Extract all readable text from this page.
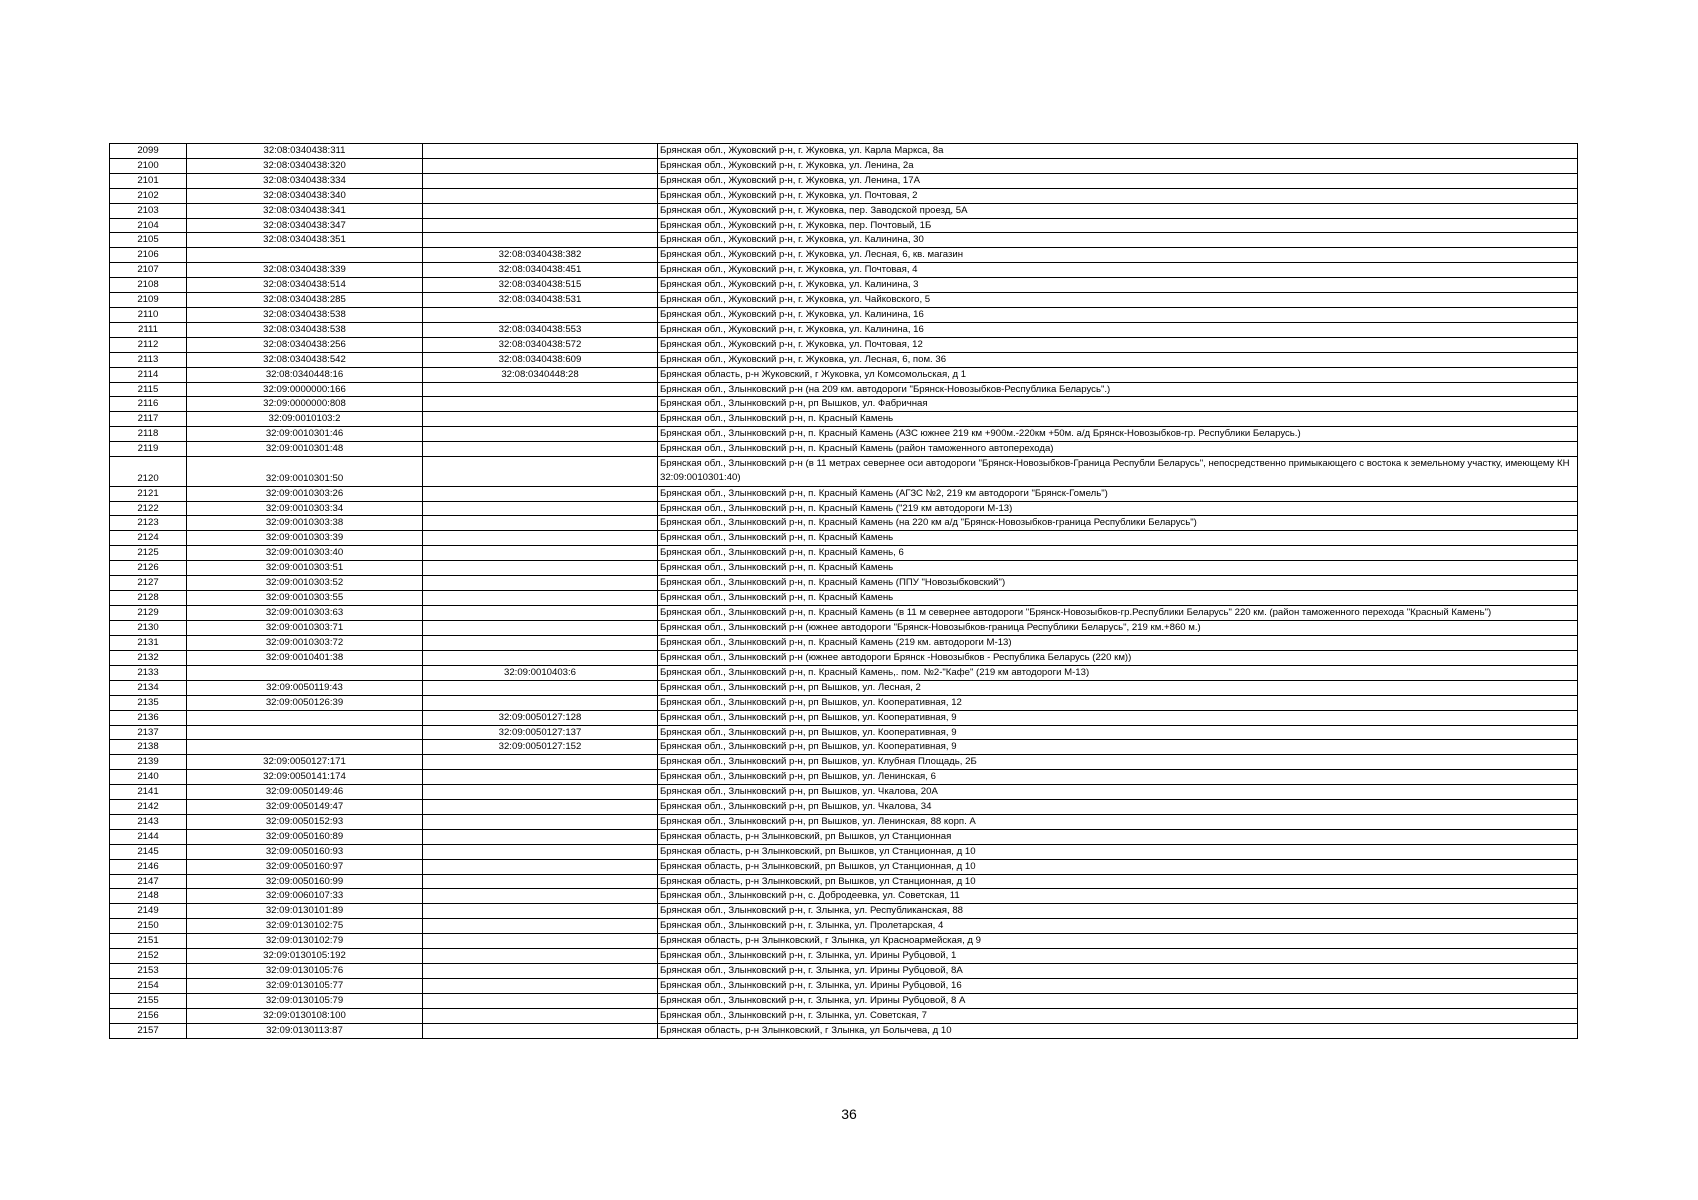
2099	32:08:0340438:311		Брянская обл., Жуковский р-н, г. Жуковка, ул. Карла Маркса, 8а
2100	32:08:0340438:320		Брянская обл., Жуковский р-н, г. Жуковка, ул. Ленина, 2а
2101	32:08:0340438:334		Брянская обл., Жуковский р-н, г. Жуковка, ул. Ленина, 17А
2102	32:08:0340438:340		Брянская обл., Жуковский р-н, г. Жуковка, ул. Почтовая, 2
2103	32:08:0340438:341		Брянская обл., Жуковский р-н, г. Жуковка, пер. Заводской проезд, 5А
2104	32:08:0340438:347		Брянская обл., Жуковский р-н, г. Жуковка, пер. Почтовый, 1Б
2105	32:08:0340438:351		Брянская обл., Жуковский р-н, г. Жуковка, ул. Калинина, 30
2106		32:08:0340438:382	Брянская обл., Жуковский р-н, г. Жуковка, ул. Лесная, 6, кв. магазин
2107	32:08:0340438:339	32:08:0340438:451	Брянская обл., Жуковский р-н, г. Жуковка, ул. Почтовая, 4
2108	32:08:0340438:514	32:08:0340438:515	Брянская обл., Жуковский р-н, г. Жуковка, ул. Калинина, 3
2109	32:08:0340438:285	32:08:0340438:531	Брянская обл., Жуковский р-н, г. Жуковка, ул. Чайковского, 5
2110	32:08:0340438:538		Брянская обл., Жуковский р-н, г. Жуковка, ул. Калинина, 16
2111	32:08:0340438:538	32:08:0340438:553	Брянская обл., Жуковский р-н, г. Жуковка, ул. Калинина, 16
2112	32:08:0340438:256	32:08:0340438:572	Брянская обл., Жуковский р-н, г. Жуковка, ул. Почтовая, 12
2113	32:08:0340438:542	32:08:0340438:609	Брянская обл., Жуковский р-н, г. Жуковка, ул. Лесная, 6, пом. 36
2114	32:08:0340448:16	32:08:0340448:28	Брянская область, р-н Жуковский, г Жуковка, ул Комсомольская, д 1
2115	32:09:0000000:166		Брянская обл., Злынковский р-н (на 209 км. автодороги "Брянск-Новозыбков-Республика Беларусь".)
2116	32:09:0000000:808		Брянская обл., Злынковский р-н, рп Вышков, ул. Фабричная
2117	32:09:0010103:2		Брянская обл., Злынковский р-н, п. Красный Камень
2118	32:09:0010301:46		Брянская обл., Злынковский р-н, п. Красный Камень (АЗС южнее 219 км +900м.-220км +50м. а/д Брянск-Новозыбков-гр. Республики Беларусь.)
2119	32:09:0010301:48		Брянская обл., Злынковский р-н, п. Красный Камень (район таможенного автоперехода)
2120	32:09:0010301:50		Брянская обл., Злынковский р-н (в 11 метрах севернее оси автодороги "Брянск-Новозыбков-Граница Республи Беларусь", непосредственно примыкающего с востока к земельному участку, имеющему КН 32:09:0010301:40)
2121	32:09:0010303:26		Брянская обл., Злынковский р-н, п. Красный Камень (АГЗС №2, 219 км автодороги "Брянск-Гомель")
2122	32:09:0010303:34		Брянская обл., Злынковский р-н, п. Красный Камень ("219 км автодороги М-13)
2123	32:09:0010303:38		Брянская обл., Злынковский р-н, п. Красный Камень (на 220 км а/д "Брянск-Новозыбков-граница Республики Беларусь")
2124	32:09:0010303:39		Брянская обл., Злынковский р-н, п. Красный Камень
2125	32:09:0010303:40		Брянская обл., Злынковский р-н, п. Красный Камень, 6
2126	32:09:0010303:51		Брянская обл., Злынковский р-н, п. Красный Камень
2127	32:09:0010303:52		Брянская обл., Злынковский р-н, п. Красный Камень (ППУ "Новозыбковский")
2128	32:09:0010303:55		Брянская обл., Злынковский р-н, п. Красный Камень
2129	32:09:0010303:63		Брянская обл., Злынковский р-н, п. Красный Камень (в 11 м севернее автодороги "Брянск-Новозыбков-гр.Республики Беларусь" 220 км. (район таможенного перехода "Красный Камень")
2130	32:09:0010303:71		Брянская обл., Злынковский р-н (южнее автодороги "Брянск-Новозыбков-граница Республики Беларусь", 219 км.+860 м.)
2131	32:09:0010303:72		Брянская обл., Злынковский р-н, п. Красный Камень (219 км. автодороги М-13)
2132	32:09:0010401:38		Брянская обл., Злынковский р-н (южнее автодороги Брянск -Новозыбков - Республика Беларусь (220 км))
2133		32:09:0010403:6	Брянская обл., Злынковский р-н, п. Красный Камень,. пом. №2-"Кафе" (219 км автодороги М-13)
2134	32:09:0050119:43		Брянская обл., Злынковский р-н, рп Вышков, ул. Лесная, 2
2135	32:09:0050126:39		Брянская обл., Злынковский р-н, рп Вышков, ул. Кооперативная, 12
2136		32:09:0050127:128	Брянская обл., Злынковский р-н, рп Вышков, ул. Кооперативная, 9
2137		32:09:0050127:137	Брянская обл., Злынковский р-н, рп Вышков, ул. Кооперативная, 9
2138		32:09:0050127:152	Брянская обл., Злынковский р-н, рп Вышков, ул. Кооперативная, 9
2139	32:09:0050127:171		Брянская обл., Злынковский р-н, рп Вышков, ул. Клубная Площадь, 2Б
2140	32:09:0050141:174		Брянская обл., Злынковский р-н, рп Вышков, ул. Ленинская, 6
2141	32:09:0050149:46		Брянская обл., Злынковский р-н, рп Вышков, ул. Чкалова, 20А
2142	32:09:0050149:47		Брянская обл., Злынковский р-н, рп Вышков, ул. Чкалова, 34
2143	32:09:0050152:93		Брянская обл., Злынковский р-н, рп Вышков, ул. Ленинская, 88 корп. А
2144	32:09:0050160:89		Брянская область, р-н Злынковский, рп Вышков, ул Станционная
2145	32:09:0050160:93		Брянская область, р-н Злынковский, рп Вышков, ул Станционная, д 10
2146	32:09:0050160:97		Брянская область, р-н Злынковский, рп Вышков, ул Станционная, д 10
2147	32:09:0050160:99		Брянская область, р-н Злынковский, рп Вышков, ул Станционная, д 10
2148	32:09:0060107:33		Брянская обл., Злынковский р-н, с. Добродеевка, ул. Советская, 11
2149	32:09:0130101:89		Брянская обл., Злынковский р-н, г. Злынка, ул. Республиканская, 88
2150	32:09:0130102:75		Брянская обл., Злынковский р-н, г. Злынка, ул. Пролетарская, 4
2151	32:09:0130102:79		Брянская область, р-н Злынковский, г Злынка, ул Красноармейская, д 9
2152	32:09:0130105:192		Брянская обл., Злынковский р-н, г. Злынка, ул. Ирины Рубцовой, 1
2153	32:09:0130105:76		Брянская обл., Злынковский р-н, г. Злынка, ул. Ирины Рубцовой, 8А
2154	32:09:0130105:77		Брянская обл., Злынковский р-н, г. Злынка, ул. Ирины Рубцовой, 16
2155	32:09:0130105:79		Брянская обл., Злынковский р-н, г. Злынка, ул. Ирины Рубцовой, 8 А
2156	32:09:0130108:100		Брянская обл., Злынковский р-н, г. Злынка, ул. Советская, 7
2157	32:09:0130113:87		Брянская область, р-н Злынковский, г Злынка, ул Болычева, д 10
36
